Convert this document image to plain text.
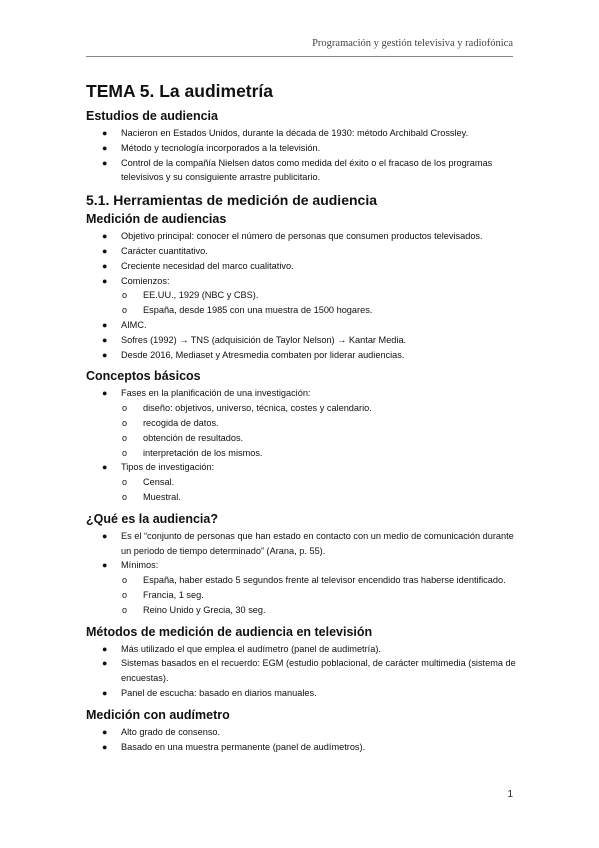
Programación y gestión televisiva y radiofónica
TEMA 5. La audimetría
Estudios de audiencia
● Nacieron en Estados Unidos, durante la década de 1930: método Archibald Crossley.
● Método y tecnología incorporados a la televisión.
● Control de la compañía Nielsen datos como medida del éxito o el fracaso de los programas televisivos y su consiguiente arrastre publicitario.
5.1. Herramientas de medición de audiencia
Medición de audiencias
● Objetivo principal: conocer el número de personas que consumen productos televisados.
● Carácter cuantitativo.
● Creciente necesidad del marco cualitativo.
● Comienzos:
o EE.UU., 1929 (NBC y CBS).
o España, desde 1985 con una muestra de 1500 hogares.
● AIMC.
● Sofres (1992) → TNS (adquisición de Taylor Nelson) → Kantar Media.
● Desde 2016, Mediaset y Atresmedia combaten por liderar audiencias.
Conceptos básicos
● Fases en la planificación de una investigación:
o diseño: objetivos, universo, técnica, costes y calendario.
o recogida de datos.
o obtención de resultados.
o interpretación de los mismos.
● Tipos de investigación:
o Censal.
o Muestral.
¿Qué es la audiencia?
● Es el “conjunto de personas que han estado en contacto con un medio de comunicación durante un periodo de tiempo determinado” (Arana, p. 55).
● Mínimos:
o España, haber estado 5 segundos frente al televisor encendido tras haberse identificado.
o Francia, 1 seg.
o Reino Unido y Grecia, 30 seg.
Métodos de medición de audiencia en televisión
● Más utilizado el que emplea el audímetro (panel de audimetría).
● Sistemas basados en el recuerdo: EGM (estudio poblacional, de carácter multimedia (sistema de encuestas).
● Panel de escucha: basado en diarios manuales.
Medición con audímetro
● Alto grado de consenso.
● Basado en una muestra permanente (panel de audímetros).
1
